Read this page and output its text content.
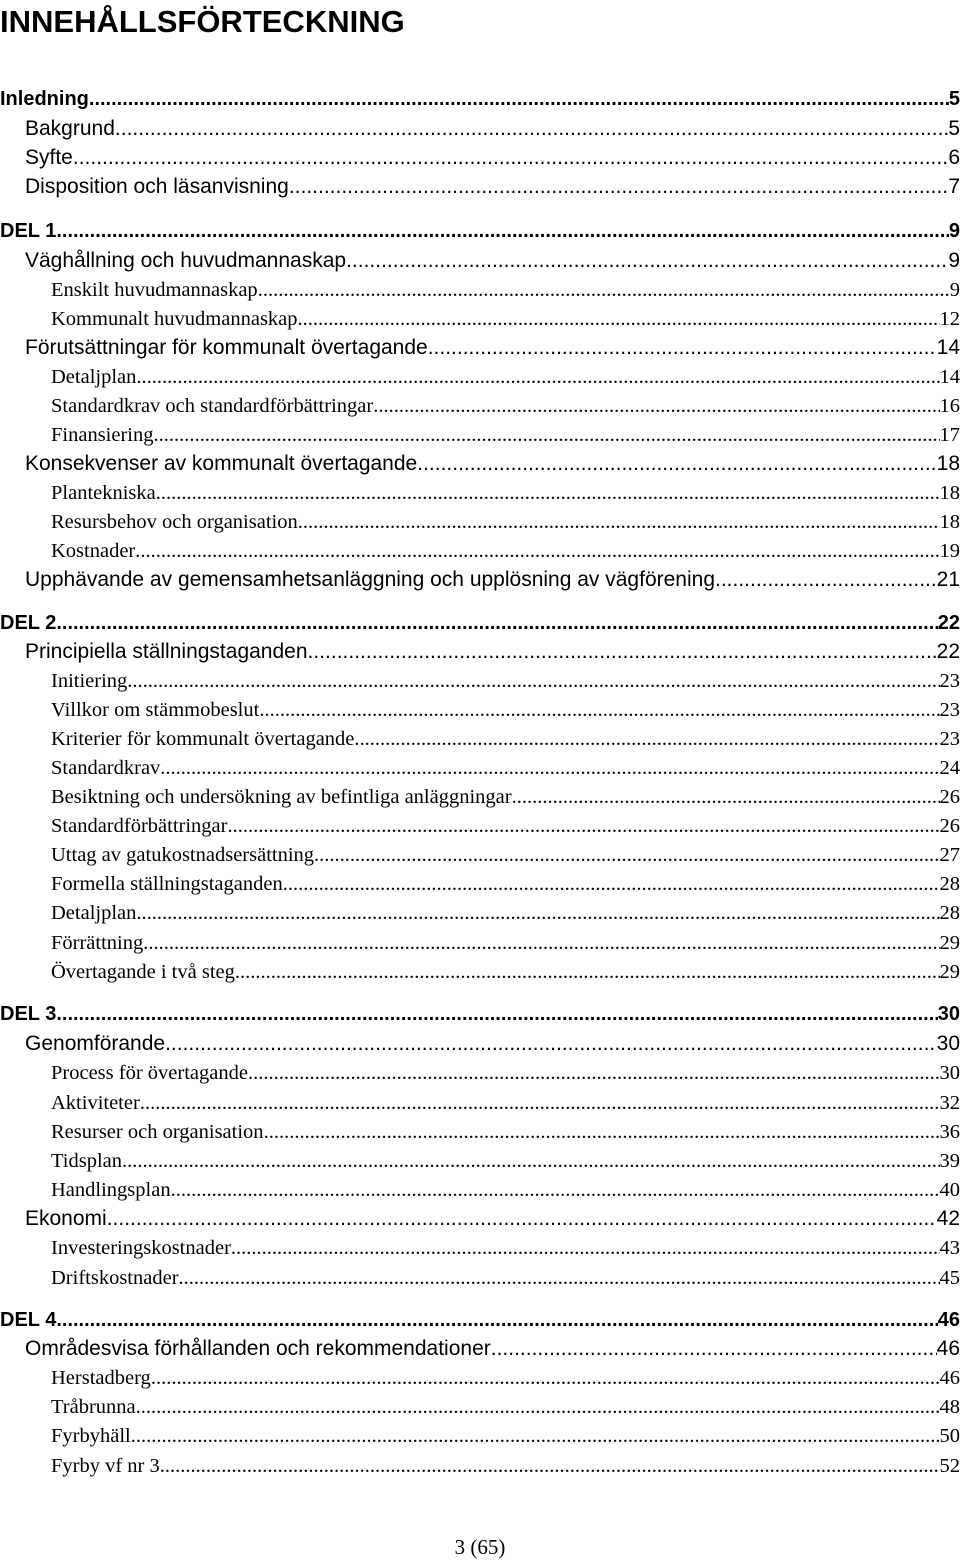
INNEHÅLLSFÖRTECKNING
Inledning .....	5
Bakgrund .....	5
Syfte .....	6
Disposition och läsanvisning .....	7
DEL 1 .....	9
Väghållning och huvudmannaskap .....	9
Enskilt huvudmannaskap .....	9
Kommunalt huvudmannaskap .....	12
Förutsättningar för kommunalt övertagande .....	14
Detaljplan .....	14
Standardkrav och standardförbättringar .....	16
Finansiering .....	17
Konsekvenser av kommunalt övertagande .....	18
Plantekniska .....	18
Resursbehov och organisation .....	18
Kostnader .....	19
Upphävande av gemensamhetsanläggning och upplösning av vägförening .....	21
DEL 2 .....	22
Principiella ställningstaganden .....	22
Initiering .....	23
Villkor om stämmobeslut .....	23
Kriterier för kommunalt övertagande .....	23
Standardkrav .....	24
Besiktning och undersökning av befintliga anläggningar .....	26
Standardförbättringar .....	26
Uttag av gatukostnadsersättning .....	27
Formella ställningstaganden .....	28
Detaljplan .....	28
Förrättning .....	29
Övertagande i två steg .....	29
DEL 3 .....	30
Genomförande .....	30
Process för övertagande .....	30
Aktiviteter .....	32
Resurser och organisation .....	36
Tidsplan .....	39
Handlingsplan .....	40
Ekonomi .....	42
Investeringskostnader .....	43
Driftskostnader .....	45
DEL 4 .....	46
Områdesvisa förhållanden och rekommendationer .....	46
Herstadberg .....	46
Tråbrunna .....	48
Fyrbyhäll .....	50
Fyrby vf nr 3 .....	52
3 (65)
